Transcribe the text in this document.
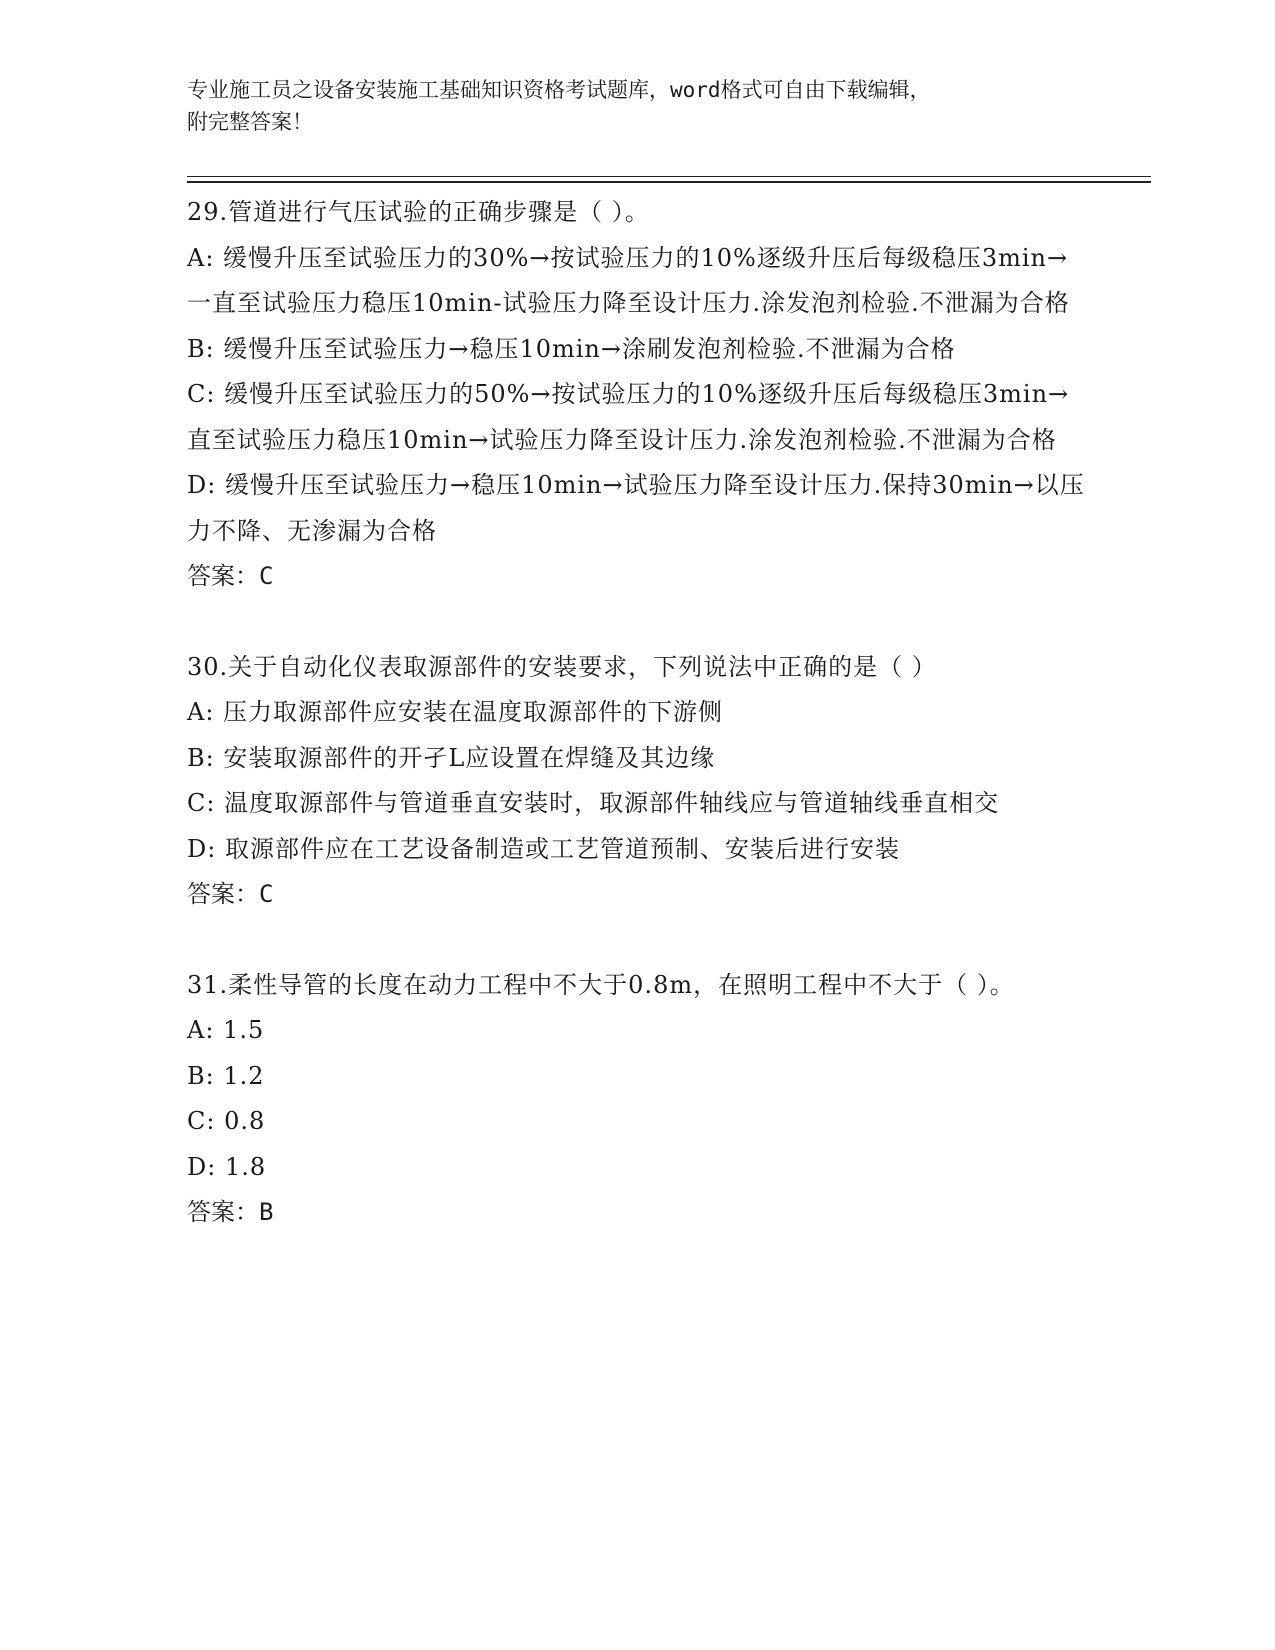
专业施工员之设备安装施工基础知识资格考试题库，word格式可自由下载编辑，
附完整答案！

29.管道进行气压试验的正确步骤是（ ）。

A: 缓慢升压至试验压力的30%→按试验压力的10%逐级升压后每级稳压3min→一直至试验压力稳压10min-试验压力降至设计压力.涂发泡剂检验.不泄漏为合格

B: 缓慢升压至试验压力→稳压10min→涂刷发泡剂检验.不泄漏为合格

C: 缓慢升压至试验压力的50%→按试验压力的10%逐级升压后每级稳压3min→直至试验压力稳压10min→试验压力降至设计压力.涂发泡剂检验.不泄漏为合格

D: 缓慢升压至试验压力→稳压10min→试验压力降至设计压力.保持30min→以压力不降、无渗漏为合格

答案：C

30.关于自动化仪表取源部件的安装要求，下列说法中正确的是（ ）

A: 压力取源部件应安装在温度取源部件的下游侧

B: 安装取源部件的开孑L应设置在焊缝及其边缘

C: 温度取源部件与管道垂直安装时，取源部件轴线应与管道轴线垂直相交

D: 取源部件应在工艺设备制造或工艺管道预制、安装后进行安装

答案：C

31.柔性导管的长度在动力工程中不大于0.8m，在照明工程中不大于（ ）。

A: 1.5

B: 1.2

C: 0.8

D: 1.8

答案：B
